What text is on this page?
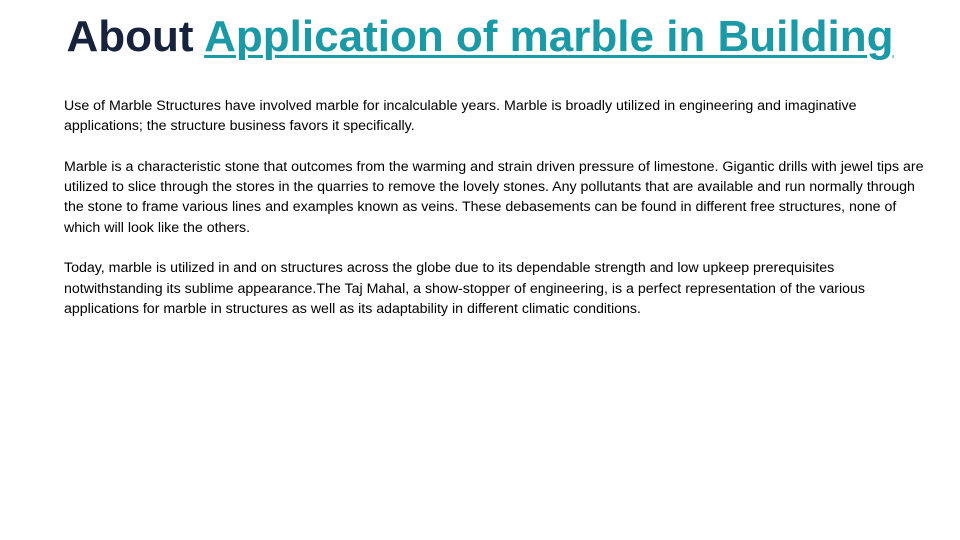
About Application of marble in Building

Use of Marble Structures have involved marble for incalculable years. Marble is broadly utilized in engineering and imaginative applications; the structure business favors it specifically.

Marble is a characteristic stone that outcomes from the warming and strain driven pressure of limestone. Gigantic drills with jewel tips are utilized to slice through the stores in the quarries to remove the lovely stones. Any pollutants that are available and run normally through the stone to frame various lines and examples known as veins. These debasements can be found in different free structures, none of which will look like the others.

Today, marble is utilized in and on structures across the globe due to its dependable strength and low upkeep prerequisites notwithstanding its sublime appearance.The Taj Mahal, a show-stopper of engineering, is a perfect representation of the various applications for marble in structures as well as its adaptability in different climatic conditions.
